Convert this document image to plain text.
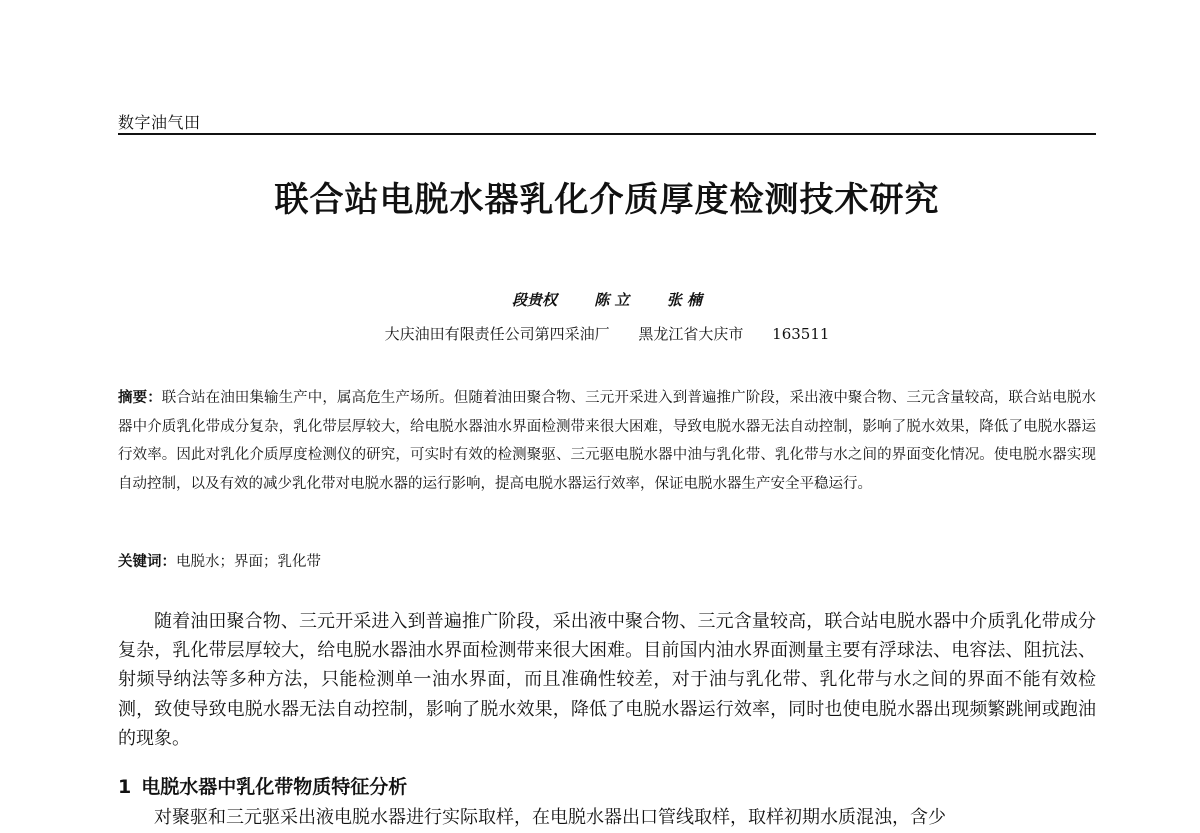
数字油气田
联合站电脱水器乳化介质厚度检测技术研究
段贵权 陈 立 张 楠
大庆油田有限责任公司第四采油厂 黑龙江省大庆市 163511

摘要：联合站在油田集输生产中，属高危生产场所。但随着油田聚合物、三元开采进入到普遍推广阶段，采出液中聚合物、三元含量较高，联合站电脱水器中介质乳化带成分复杂，乳化带层厚较大，给电脱水器油水界面检测带来很大困难，导致电脱水器无法自动控制，影响了脱水效果，降低了电脱水器运行效率。因此对乳化介质厚度检测仪的研究，可实时有效的检测聚驱、三元驱电脱水器中油与乳化带、乳化带与水之间的界面变化情况。使电脱水器实现自动控制，以及有效的减少乳化带对电脱水器的运行影响，提高电脱水器运行效率，保证电脱水器生产安全平稳运行。

关键词：电脱水；界面；乳化带

随着油田聚合物、三元开采进入到普遍推广阶段，采出液中聚合物、三元含量较高，联合站电脱水器中介质乳化带成分复杂，乳化带层厚较大，给电脱水器油水界面检测带来很大困难。目前国内油水界面测量主要有浮球法、电容法、阻抗法、射频导纳法等多种方法，只能检测单一油水界面，而且准确性较差，对于油与乳化带、乳化带与水之间的界面不能有效检测，致使导致电脱水器无法自动控制，影响了脱水效果，降低了电脱水器运行效率，同时也使电脱水器出现频繁跳闸或跑油的现象。

1 电脱水器中乳化带物质特征分析

对聚驱和三元驱采出液电脱水器进行实际取样，在电脱水器出口管线取样，取样初期水质混浊，含少
